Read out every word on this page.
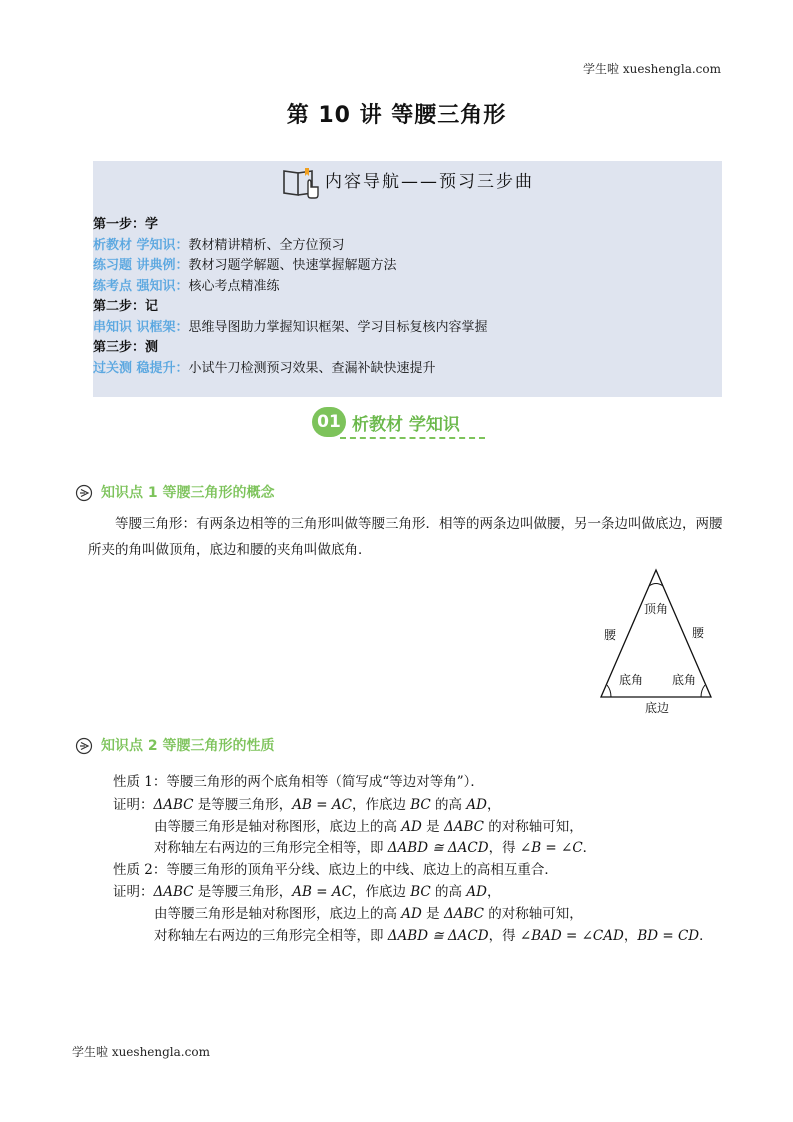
学生啦 xueshengla.com
第 10 讲 等腰三角形
内容导航——预习三步曲
第一步：学
析教材 学知识：教材精讲精析、全方位预习
练习题 讲典例：教材习题学解题、快速掌握解题方法
练考点 强知识：核心考点精准练
第二步：记
串知识 识框架：思维导图助力掌握知识框架、学习目标复核内容掌握
第三步：测
过关测 稳提升：小试牛刀检测预习效果、查漏补缺快速提升
01 析教材 学知识
知识点 1 等腰三角形的概念
等腰三角形：有两条边相等的三角形叫做等腰三角形．相等的两条边叫做腰，另一条边叫做底边，两腰所夹的角叫做顶角，底边和腰的夹角叫做底角．
顶角
腰	腰
底角 底角
底边
知识点 2 等腰三角形的性质
性质 1：等腰三角形的两个底角相等（简写成“等边对等角”）．
证明：ΔABC 是等腰三角形，AB = AC，作底边 BC 的高 AD，
由等腰三角形是轴对称图形，底边上的高 AD 是 ΔABC 的对称轴可知，
对称轴左右两边的三角形完全相等，即 ΔABD ≅ ΔACD，得 ∠B = ∠C．
性质 2：等腰三角形的顶角平分线、底边上的中线、底边上的高相互重合．
证明：ΔABC 是等腰三角形，AB = AC，作底边 BC 的高 AD，
由等腰三角形是轴对称图形，底边上的高 AD 是 ΔABC 的对称轴可知，
对称轴左右两边的三角形完全相等，即 ΔABD ≅ ΔACD，得 ∠BAD = ∠CAD，BD = CD．
学生啦 xueshengla.com
